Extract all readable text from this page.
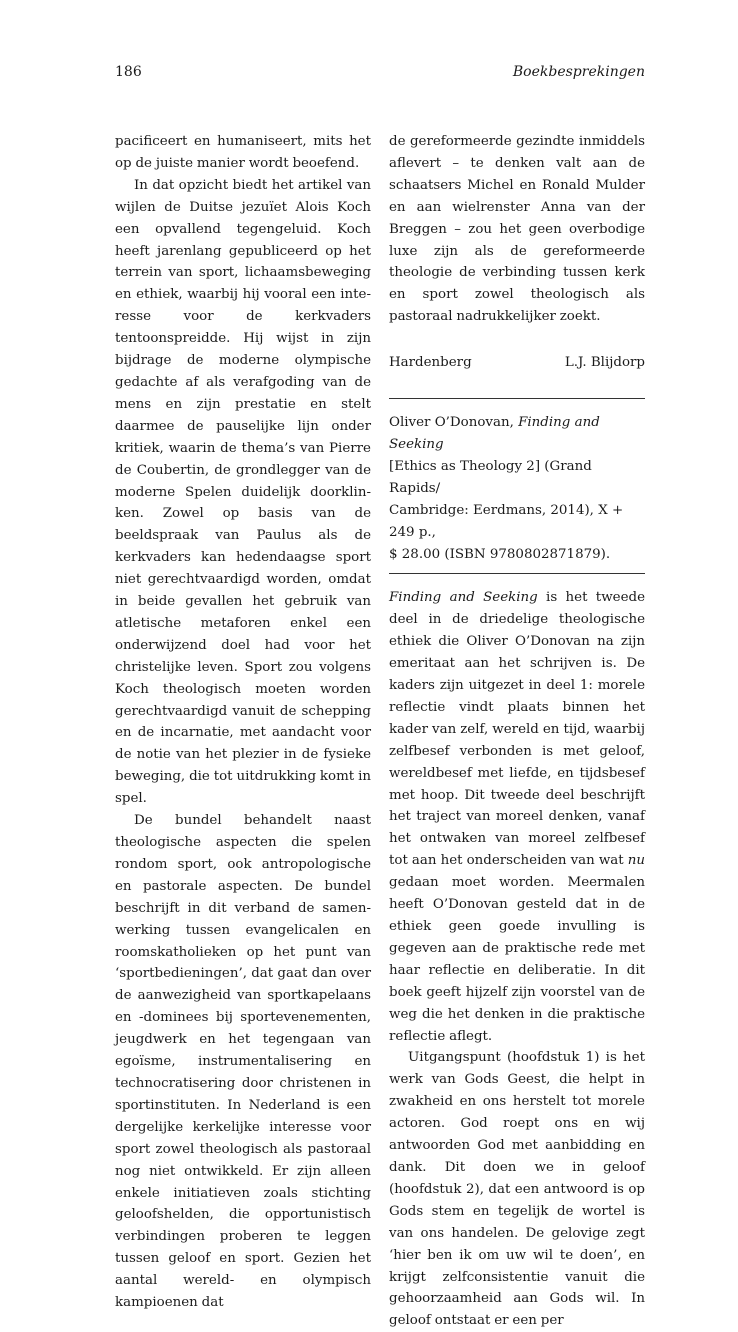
186	Boekbesprekingen

pacificeert en humaniseert, mits het op de juiste manier wordt beoefend.

In dat opzicht biedt het artikel van wijlen de Duitse jezuïet Alois Koch een opvallend tegengeluid. Koch heeft jarenlang gepubliceerd op het terrein van sport, lichaamsbeweging en ethiek, waarbij hij vooral een interesse voor de kerkvaders tentoonspreidde. Hij wijst in zijn bijdrage de moderne olympische gedachte af als verafgoding van de mens en zijn prestatie en stelt daarmee de pauselijke lijn onder kritiek, waarin de thema’s van Pierre de Coubertin, de grondlegger van de moderne Spelen duidelijk doorklinken. Zowel op basis van de beeldspraak van Paulus als de kerkvaders kan hedendaagse sport niet gerechtvaardigd worden, omdat in beide gevallen het gebruik van atletische metaforen enkel een onderwijzend doel had voor het christelijke leven. Sport zou volgens Koch theologisch moeten worden gerechtvaardigd vanuit de schepping en de incarnatie, met aandacht voor de notie van het plezier in de fysieke beweging, die tot uitdrukking komt in spel.

De bundel behandelt naast theologische aspecten die spelen rondom sport, ook antropologische en pastorale aspecten. De bundel beschrijft in dit verband de samenwerking tussen evangelicalen en roomskatholieken op het punt van ‘sportbedieningen’, dat gaat dan over de aanwezigheid van sportkapelaans en -dominees bij sportevenementen, jeugdwerk en het tegengaan van egoïsme, instrumentalisering en technocratisering door christenen in sportinstituten. In Nederland is een dergelijke kerkelijke interesse voor sport zowel theologisch als pastoraal nog niet ontwikkeld. Er zijn alleen enkele initiatieven zoals stichting geloofshelden, die opportunistisch verbindingen proberen te leggen tussen geloof en sport. Gezien het aantal wereld- en olympisch kampioenen dat

de gereformeerde gezindte inmiddels aflevert – te denken valt aan de schaatsers Michel en Ronald Mulder en aan wielrenster Anna van der Breggen – zou het geen overbodige luxe zijn als de gereformeerde theologie de verbinding tussen kerk en sport zowel theologisch als pastoraal nadrukkelijker zoekt.

Hardenberg	L.J. Blijdorp
Oliver O’Donovan, Finding and Seeking
[Ethics as Theology 2] (Grand Rapids/
Cambridge: Eerdmans, 2014), X + 249 p.,
$ 28.00 (ISBN 9780802871879).

Finding and Seeking is het tweede deel in de driedelige theologische ethiek die Oliver O’Donovan na zijn emeritaat aan het schrijven is. De kaders zijn uitgezet in deel 1: morele reflectie vindt plaats binnen het kader van zelf, wereld en tijd, waarbij zelfbesef verbonden is met geloof, wereldbesef met liefde, en tijdsbesef met hoop. Dit tweede deel beschrijft het traject van moreel denken, vanaf het ontwaken van moreel zelfbesef tot aan het onderscheiden van wat nu gedaan moet worden. Meermalen heeft O’Donovan gesteld dat in de ethiek geen goede invulling is gegeven aan de praktische rede met haar reflectie en deliberatie. In dit boek geeft hijzelf zijn voorstel van de weg die het denken in die praktische reflectie aflegt.

Uitgangspunt (hoofdstuk 1) is het werk van Gods Geest, die helpt in zwakheid en ons herstelt tot morele actoren. God roept ons en wij antwoorden God met aanbidding en dank. Dit doen we in geloof (hoofdstuk 2), dat een antwoord is op Gods stem en tegelijk de wortel is van ons handelen. De gelovige zegt ‘hier ben ik om uw wil te doen’, en krijgt zelfconsistentie vanuit die gehoorzaamheid aan Gods wil. In geloof ontstaat er een per
